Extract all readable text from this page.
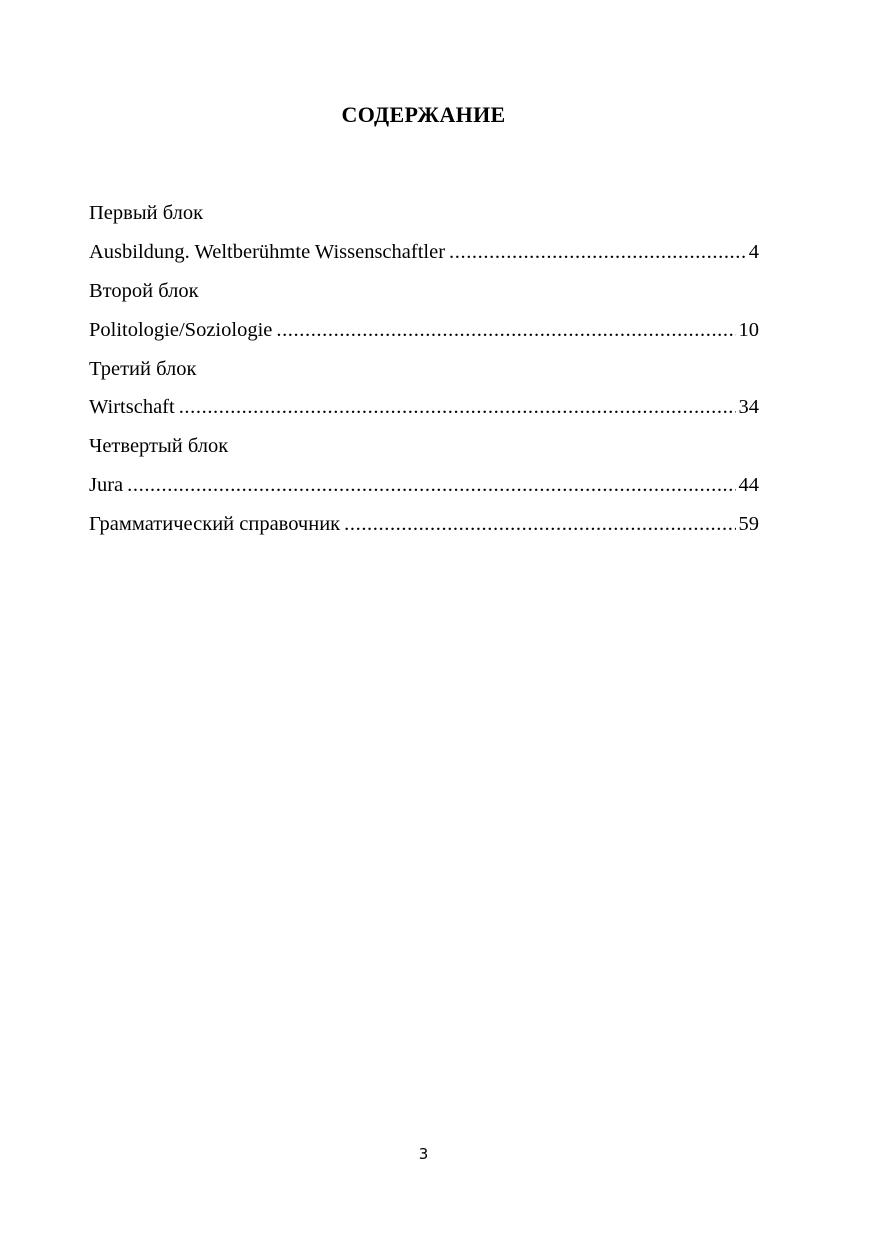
СОДЕРЖАНИЕ
Первый блок
Ausbildung. Weltberühmte Wissenschaftler .....	4
Второй блок
Politologie/Soziologie .....	10
Третий блок
Wirtschaft .....	34
Четвертый блок
Jura .....	44
Грамматический справочник .....	59
3
